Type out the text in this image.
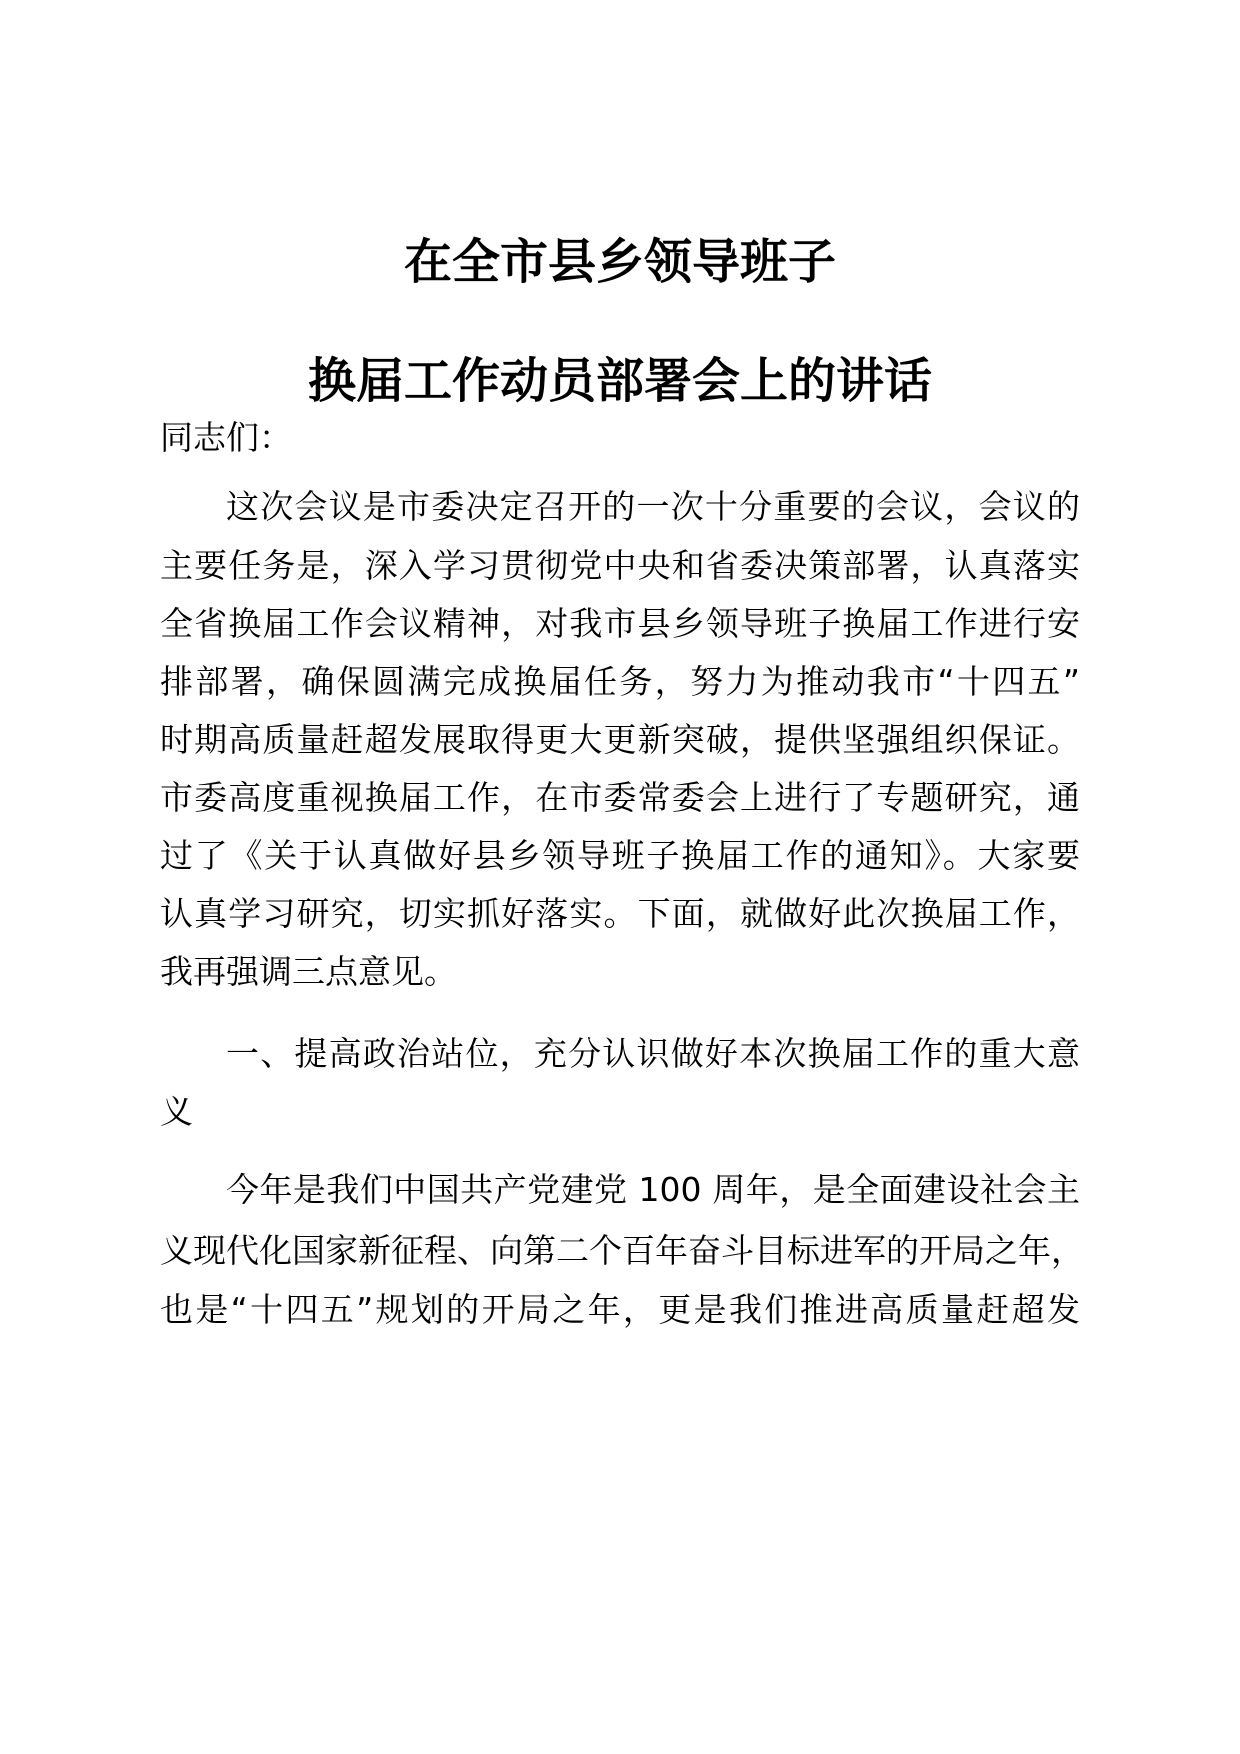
在全市县乡领导班子
换届工作动员部署会上的讲话
同志们：
这次会议是市委决定召开的一次十分重要的会议，会议的
主要任务是，深入学习贯彻党中央和省委决策部署，认真落实
全省换届工作会议精神，对我市县乡领导班子换届工作进行安
排部署，确保圆满完成换届任务，努力为推动我市“十四五”
时期高质量赶超发展取得更大更新突破，提供坚强组织保证。
市委高度重视换届工作，在市委常委会上进行了专题研究，通
过了《关于认真做好县乡领导班子换届工作的通知》。大家要
认真学习研究，切实抓好落实。下面，就做好此次换届工作，
我再强调三点意见。
一、提高政治站位，充分认识做好本次换届工作的重大意
义
今年是我们中国共产党建党 100 周年，是全面建设社会主
义现代化国家新征程、向第二个百年奋斗目标进军的开局之年，
也是“十四五”规划的开局之年，更是我们推进高质量赶超发
